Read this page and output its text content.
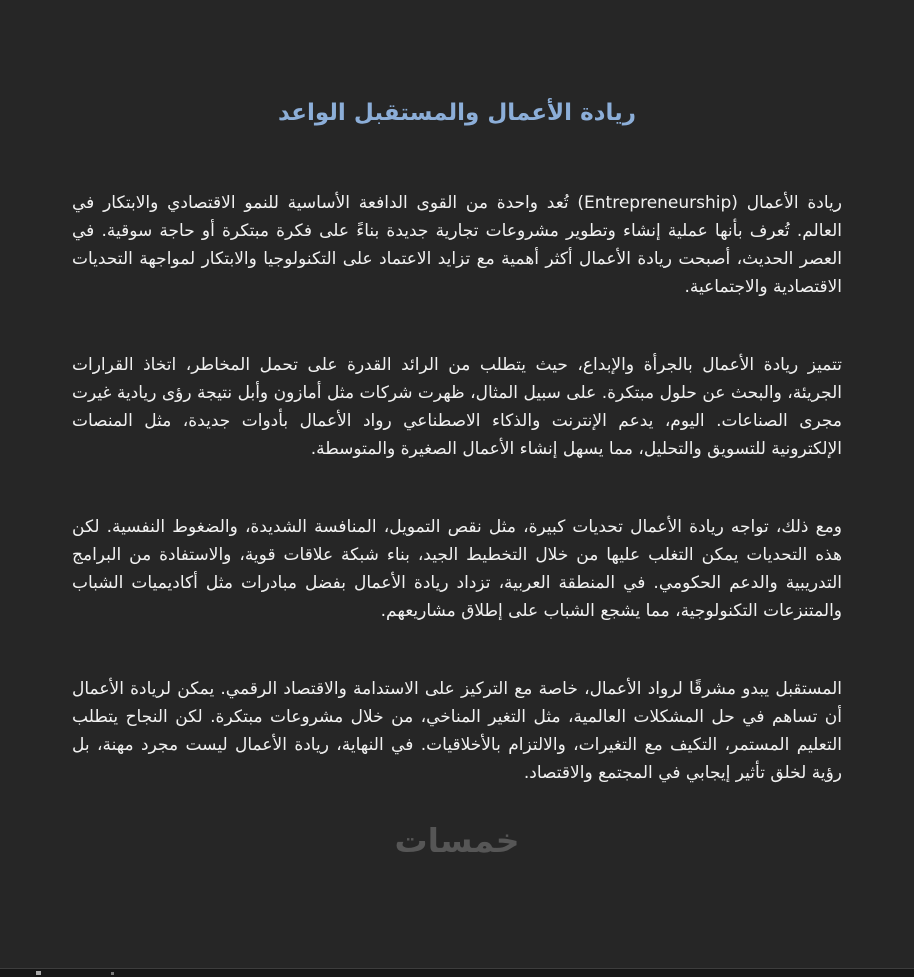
ريادة الأعمال والمستقبل الواعد

ريادة الأعمال (Entrepreneurship) تُعد واحدة من القوى الدافعة الأساسية للنمو الاقتصادي والابتكار في العالم. تُعرف بأنها عملية إنشاء وتطوير مشروعات تجارية جديدة بناءً على فكرة مبتكرة أو حاجة سوقية. في العصر الحديث، أصبحت ريادة الأعمال أكثر أهمية مع تزايد الاعتماد على التكنولوجيا والابتكار لمواجهة التحديات الاقتصادية والاجتماعية.

تتميز ريادة الأعمال بالجرأة والإبداع، حيث يتطلب من الرائد القدرة على تحمل المخاطر، اتخاذ القرارات الجريئة، والبحث عن حلول مبتكرة. على سبيل المثال، ظهرت شركات مثل أمازون وأبل نتيجة رؤى ريادية غيرت مجرى الصناعات. اليوم، يدعم الإنترنت والذكاء الاصطناعي رواد الأعمال بأدوات جديدة، مثل المنصات الإلكترونية للتسويق والتحليل، مما يسهل إنشاء الأعمال الصغيرة والمتوسطة.

ومع ذلك، تواجه ريادة الأعمال تحديات كبيرة، مثل نقص التمويل، المنافسة الشديدة، والضغوط النفسية. لكن هذه التحديات يمكن التغلب عليها من خلال التخطيط الجيد، بناء شبكة علاقات قوية، والاستفادة من البرامج التدريبية والدعم الحكومي. في المنطقة العربية، تزداد ريادة الأعمال بفضل مبادرات مثل أكاديميات الشباب والمتنزعات التكنولوجية، مما يشجع الشباب على إطلاق مشاريعهم.

المستقبل يبدو مشرقًا لرواد الأعمال، خاصة مع التركيز على الاستدامة والاقتصاد الرقمي. يمكن لريادة الأعمال أن تساهم في حل المشكلات العالمية، مثل التغير المناخي، من خلال مشروعات مبتكرة. لكن النجاح يتطلب التعليم المستمر، التكيف مع التغيرات، والالتزام بالأخلاقيات. في النهاية، ريادة الأعمال ليست مجرد مهنة، بل رؤية لخلق تأثير إيجابي في المجتمع والاقتصاد.

خمسات
